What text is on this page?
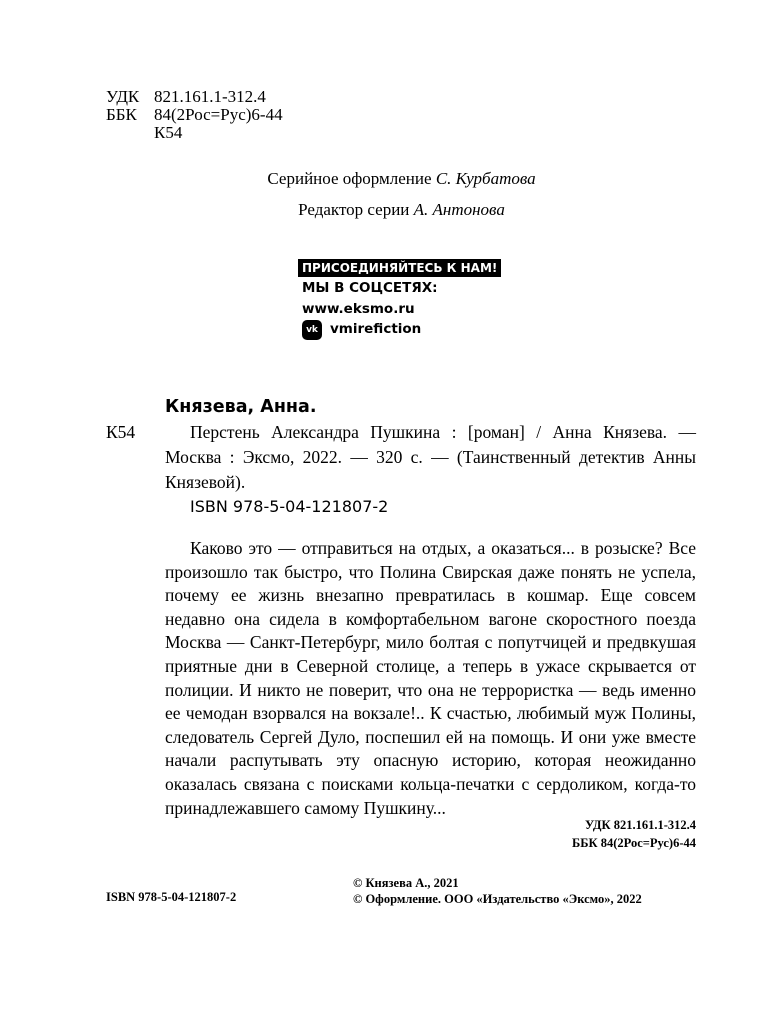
УДК 821.161.1-312.4
ББК 84(2Рос=Рус)6-44
К54
Серийное оформление С. Курбатова
Редактор серии А. Антонова
ПРИСОЕДИНЯЙТЕСЬ К НАМ!
МЫ В СОЦСЕТЯХ:
www.eksmo.ru
vk vmirefiction
Князева, Анна.
К54	Перстень Александра Пушкина : [роман] / Анна Князева. — Москва : Эксмо, 2022. — 320 с. — (Таинственный детектив Анны Князевой).

ISBN 978-5-04-121807-2

Каково это — отправиться на отдых, а оказаться... в розыске? Все произошло так быстро, что Полина Свирская даже понять не успела, почему ее жизнь внезапно превратилась в кошмар. Еще совсем недавно она сидела в комфортабельном вагоне скоростного поезда Москва — Санкт-Петербург, мило болтая с попутчицей и предвкушая приятные дни в Северной столице, а теперь в ужасе скрывается от полиции. И никто не поверит, что она не террористка — ведь именно ее чемодан взорвался на вокзале!.. К счастью, любимый муж Полины, следователь Сергей Дуло, поспешил ей на помощь. И они уже вместе начали распутывать эту опасную историю, которая неожиданно оказалась связана с поисками кольца-печатки с сердоликом, когда-то принадлежавшего самому Пушкину...

УДК 821.161.1-312.4
ББК 84(2Рос=Рус)6-44
© Князева А., 2021
© Оформление. ООО «Издательство «Эксмо», 2022
ISBN 978-5-04-121807-2
